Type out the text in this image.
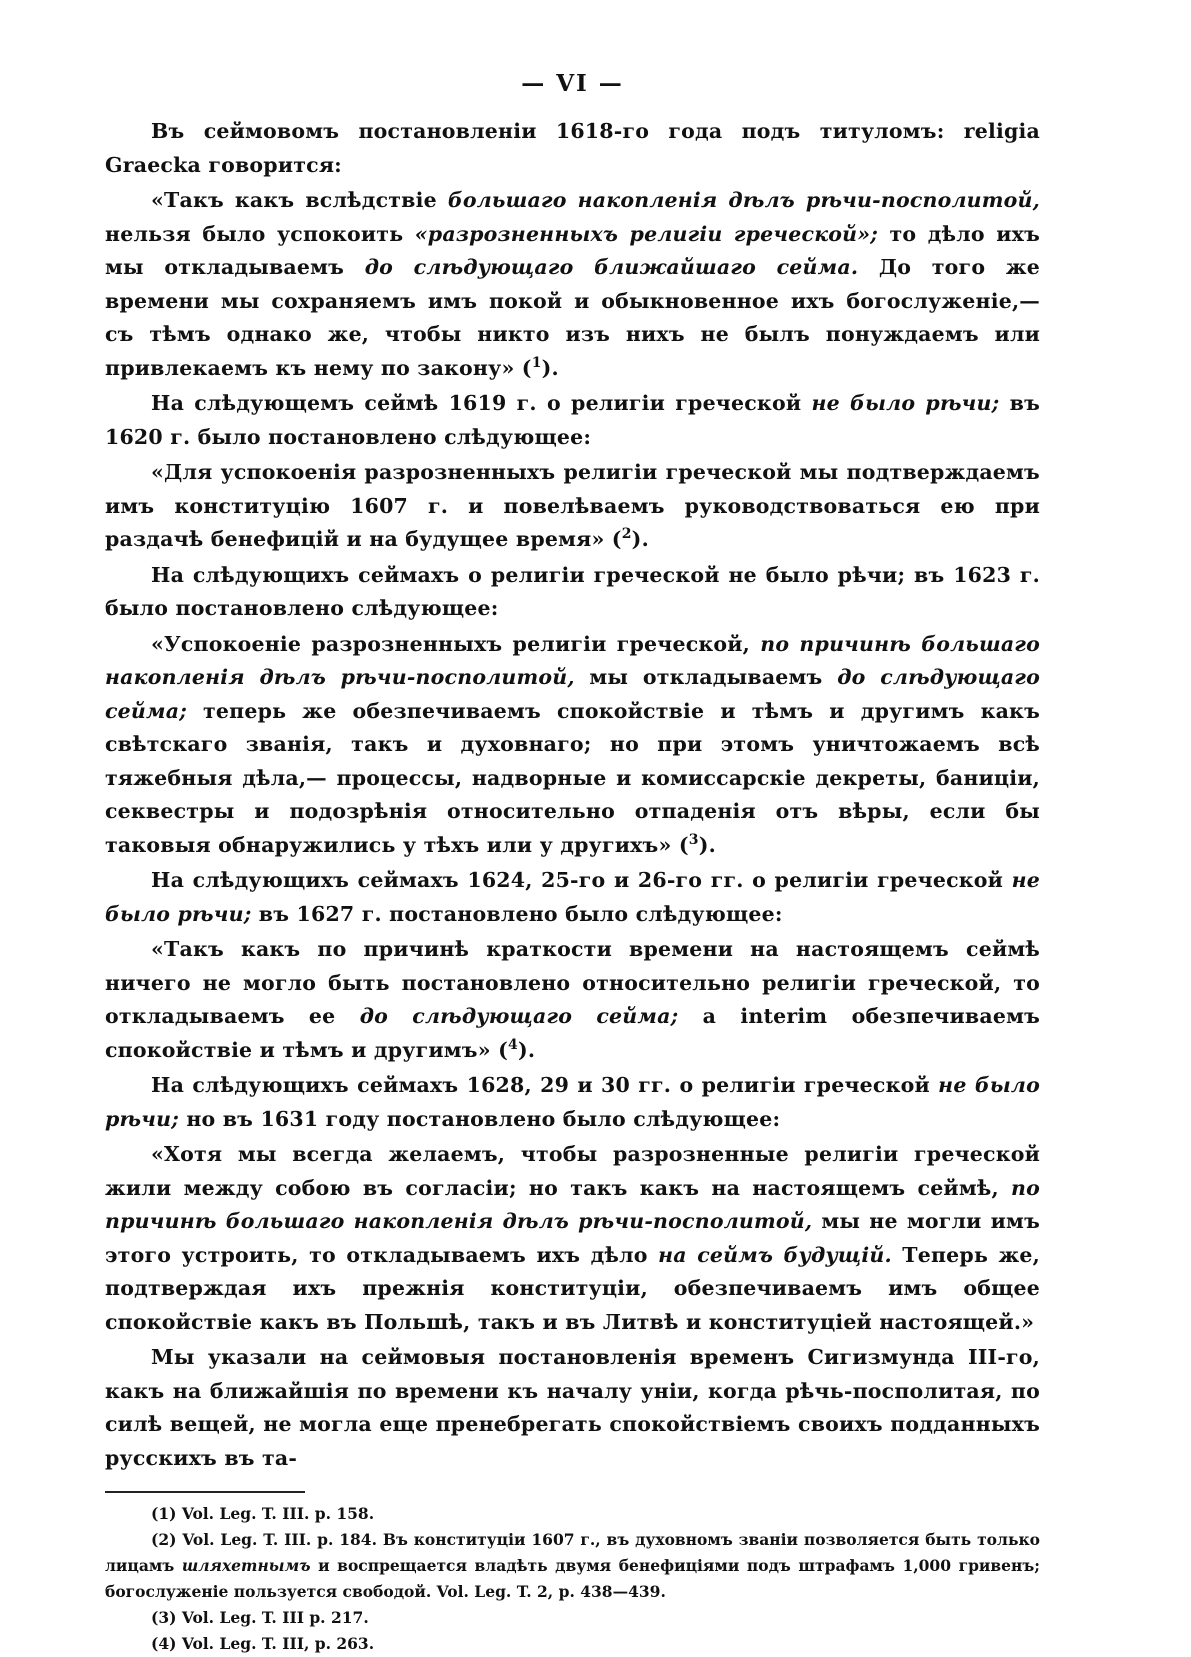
— VI —

Въ сеймовомъ постановленіи 1618-го года подъ титуломъ: religia Graecka говорится:

«Такъ какъ вслѣдствіе большаго накопленія дѣлъ рѣчи-посполитой, нельзя было успокоить «разрозненныхъ религіи греческой»; то дѣло ихъ мы откладываемъ до слѣдующаго ближайшаго сейма. До того же времени мы сохраняемъ имъ покой и обыкновенное ихъ богослуженіе,— съ тѣмъ однако же, чтобы никто изъ нихъ не былъ понуждаемъ или привлекаемъ къ нему по закону» ($^1$).

На слѣдующемъ сеймѣ 1619 г. о религіи греческой не было рѣчи; въ 1620 г. было постановлено слѣдующее:

«Для успокоенія разрозненныхъ религіи греческой мы подтверждаемъ имъ конституцію 1607 г. и повелѣваемъ руководствоваться ею при раздачѣ бенефицій и на будущее время» ($^2$).

На слѣдующихъ сеймахъ о религіи греческой не было рѣчи; въ 1623 г. было постановлено слѣдующее:

«Успокоеніе разрозненныхъ религіи греческой, по причинѣ большаго накопленія дѣлъ рѣчи-посполитой, мы откладываемъ до слѣдующаго сейма; теперь же обезпечиваемъ спокойствіе и тѣмъ и другимъ какъ свѣтскаго званія, такъ и духовнаго; но при этомъ уничтожаемъ всѣ тяжебныя дѣла,— процессы, надворные и комиссарскіе декреты, баниціи, секвестры и подозрѣнія относительно отпаденія отъ вѣры, если бы таковыя обнаружились у тѣхъ или у другихъ» ($^3$).

На слѣдующихъ сеймахъ 1624, 25-го и 26-го гг. о религіи греческой не было рѣчи; въ 1627 г. постановлено было слѣдующее:

«Такъ какъ по причинѣ краткости времени на настоящемъ сеймѣ ничего не могло быть постановлено относительно религіи греческой, то откладываемъ ее до слѣдующаго сейма; а interim обезпечиваемъ спокойствіе и тѣмъ и другимъ» ($^4$).

На слѣдующихъ сеймахъ 1628, 29 и 30 гг. о религіи греческой не было рѣчи; но въ 1631 году постановлено было слѣдующее:

«Хотя мы всегда желаемъ, чтобы разрозненные религіи греческой жили между собою въ согласіи; но такъ какъ на настоящемъ сеймѣ, по причинѣ большаго накопленія дѣлъ рѣчи-посполитой, мы не могли имъ этого устроить, то откладываемъ ихъ дѣло на сеймъ будущій. Теперь же, подтверждая ихъ прежнія конституціи, обезпечиваемъ имъ общее спокойствіе какъ въ Польшѣ, такъ и въ Литвѣ и конституціей настоящей.»

Мы указали на сеймовыя постановленія временъ Сигизмунда III-го, какъ на ближайшія по времени къ началу уніи, когда рѣчь-посполитая, по силѣ вещей, не могла еще пренебрегать спокойствіемъ своихъ подданныхъ русскихъ въ та-

(1) Vol. Leg. T. III. p. 158.

(2) Vol. Leg. T. III. p. 184. Въ конституціи 1607 г., въ духовномъ званіи позволяется быть только лицамъ шляхетнымъ и воспрещается владѣть двумя бенефиціями подъ штрафамъ 1,000 гривенъ; богослуженіе пользуется свободой. Vol. Leg. T. 2, p. 438—439.

(3) Vol. Leg. T. III p. 217.

(4) Vol. Leg. T. III, p. 263.
